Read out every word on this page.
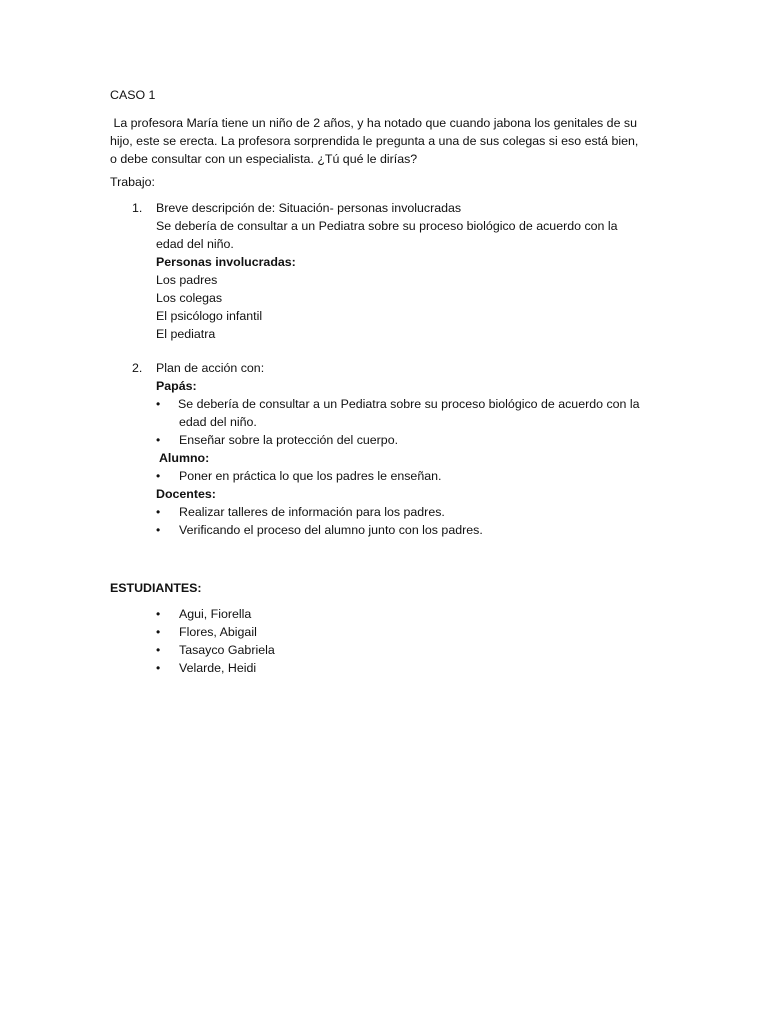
CASO 1
La profesora María tiene un niño de 2 años, y ha notado que cuando jabona los genitales de su
hijo, este se erecta. La profesora sorprendida le pregunta a una de sus colegas si eso está bien,
o debe consultar con un especialista. ¿Tú qué le dirías?
Trabajo:
1. Breve descripción de: Situación- personas involucradas
Se debería de consultar a un Pediatra sobre su proceso biológico de acuerdo con la
edad del niño.
Personas involucradas:
Los padres
Los colegas
El psicólogo infantil
El pediatra
2. Plan de acción con:
Papás:
• Se debería de consultar a un Pediatra sobre su proceso biológico de acuerdo con la
edad del niño.
• Enseñar sobre la protección del cuerpo.
Alumno:
• Poner en práctica lo que los padres le enseñan.
Docentes:
• Realizar talleres de información para los padres.
• Verificando el proceso del alumno junto con los padres.
ESTUDIANTES:
• Agui, Fiorella
• Flores, Abigail
• Tasayco Gabriela
• Velarde, Heidi
